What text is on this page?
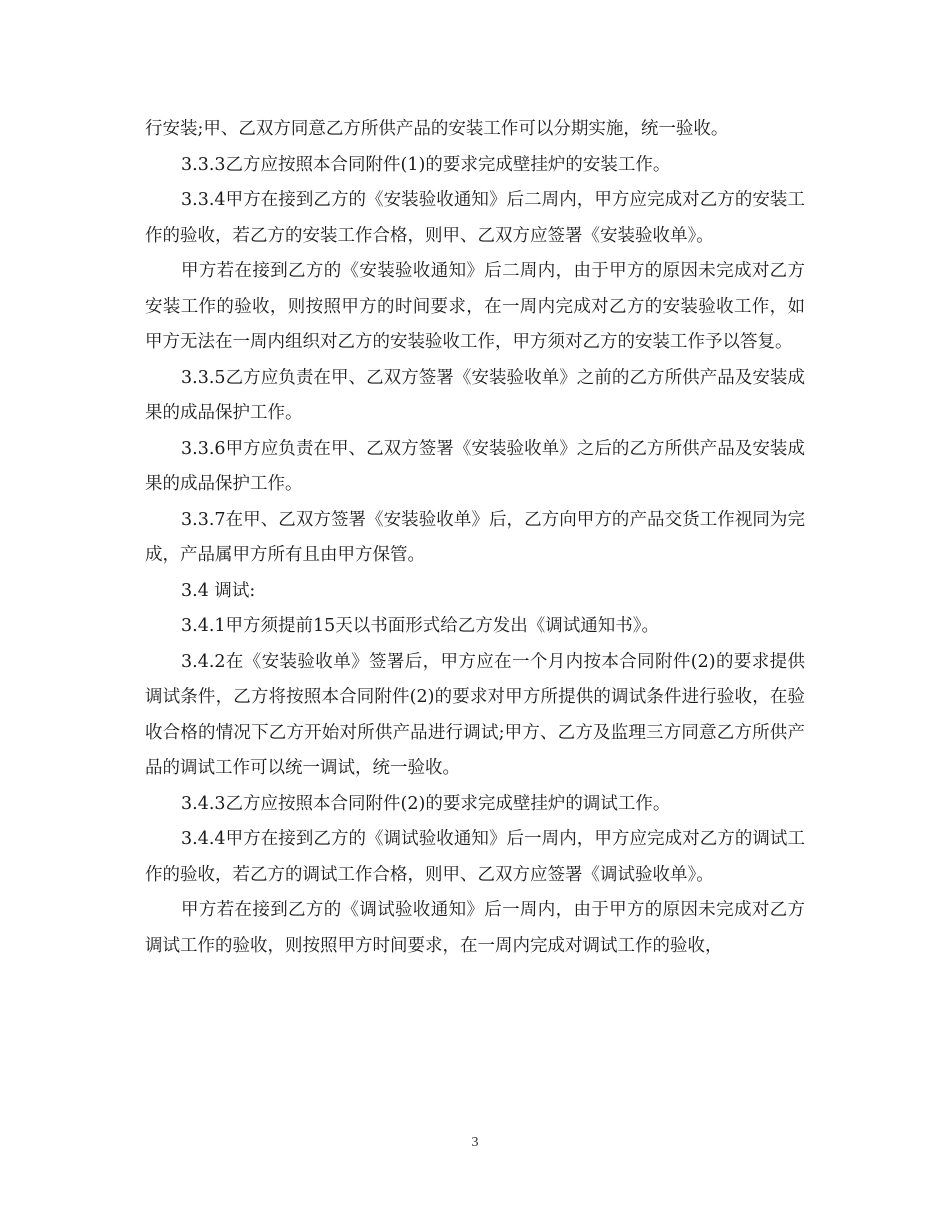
行安装;甲、乙双方同意乙方所供产品的安装工作可以分期实施，统一验收。

3.3.3乙方应按照本合同附件(1)的要求完成壁挂炉的安装工作。

3.3.4甲方在接到乙方的《安装验收通知》后二周内，甲方应完成对乙方的安装工作的验收，若乙方的安装工作合格，则甲、乙双方应签署《安装验收单》。

甲方若在接到乙方的《安装验收通知》后二周内，由于甲方的原因未完成对乙方安装工作的验收，则按照甲方的时间要求，在一周内完成对乙方的安装验收工作，如甲方无法在一周内组织对乙方的安装验收工作，甲方须对乙方的安装工作予以答复。

3.3.5乙方应负责在甲、乙双方签署《安装验收单》之前的乙方所供产品及安装成果的成品保护工作。

3.3.6甲方应负责在甲、乙双方签署《安装验收单》之后的乙方所供产品及安装成果的成品保护工作。

3.3.7在甲、乙双方签署《安装验收单》后，乙方向甲方的产品交货工作视同为完成，产品属甲方所有且由甲方保管。

3.4 调试:

3.4.1甲方须提前15天以书面形式给乙方发出《调试通知书》。

3.4.2在《安装验收单》签署后，甲方应在一个月内按本合同附件(2)的要求提供调试条件，乙方将按照本合同附件(2)的要求对甲方所提供的调试条件进行验收，在验收合格的情况下乙方开始对所供产品进行调试;甲方、乙方及监理三方同意乙方所供产品的调试工作可以统一调试，统一验收。

3.4.3乙方应按照本合同附件(2)的要求完成壁挂炉的调试工作。

3.4.4甲方在接到乙方的《调试验收通知》后一周内，甲方应完成对乙方的调试工作的验收，若乙方的调试工作合格，则甲、乙双方应签署《调试验收单》。

甲方若在接到乙方的《调试验收通知》后一周内，由于甲方的原因未完成对乙方调试工作的验收，则按照甲方时间要求，在一周内完成对调试工作的验收，

3
